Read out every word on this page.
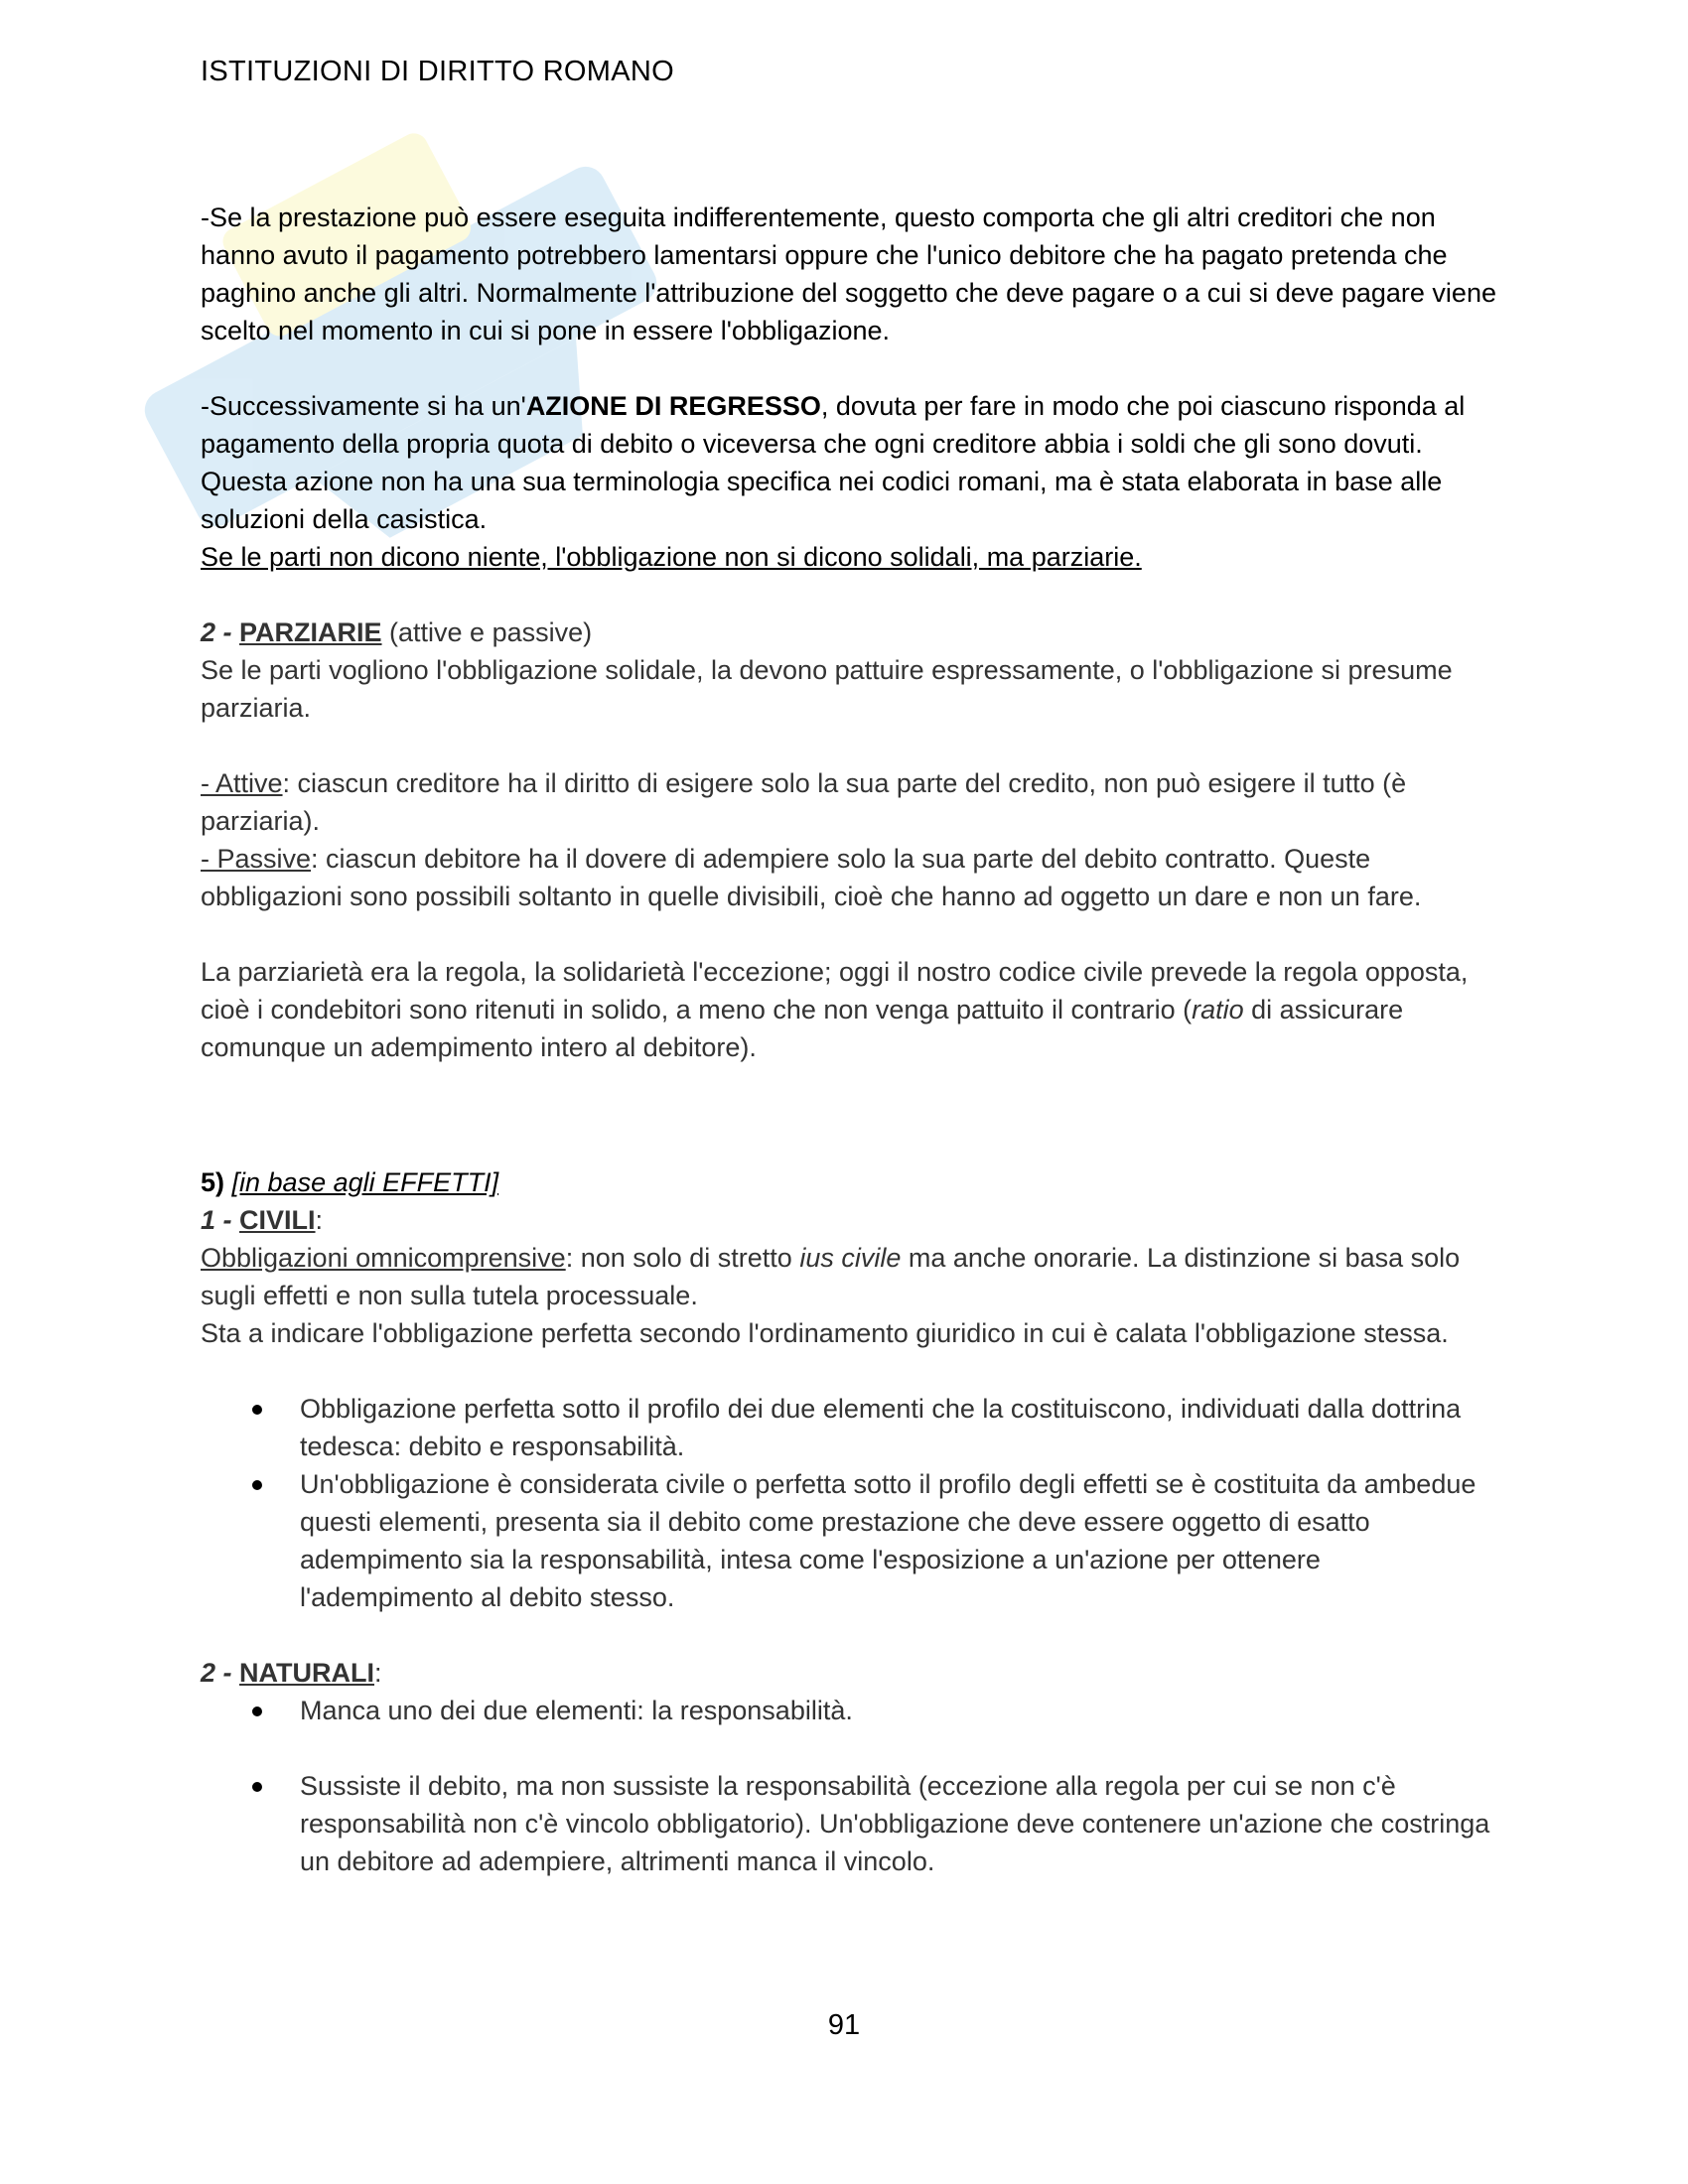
ISTITUZIONI DI DIRITTO ROMANO

-Se la prestazione può essere eseguita indifferentemente, questo comporta che gli altri creditori che non hanno avuto il pagamento potrebbero lamentarsi oppure che l'unico debitore che ha pagato pretenda che paghino anche gli altri. Normalmente l'attribuzione del soggetto che deve pagare o a cui si deve pagare viene scelto nel momento in cui si pone in essere l'obbligazione.

-Successivamente si ha un'AZIONE DI REGRESSO, dovuta per fare in modo che poi ciascuno risponda al pagamento della propria quota di debito o viceversa che ogni creditore abbia i soldi che gli sono dovuti. Questa azione non ha una sua terminologia specifica nei codici romani, ma è stata elaborata in base alle soluzioni della casistica.
Se le parti non dicono niente, l'obbligazione non si dicono solidali, ma parziarie.

2 - PARZIARIE (attive e passive)

Se le parti vogliono l'obbligazione solidale, la devono pattuire espressamente, o l'obbligazione si presume parziaria.

- Attive: ciascun creditore ha il diritto di esigere solo la sua parte del credito, non può esigere il tutto (è parziaria).

- Passive: ciascun debitore ha il dovere di adempiere solo la sua parte del debito contratto. Queste obbligazioni sono possibili soltanto in quelle divisibili, cioè che hanno ad oggetto un dare e non un fare.

La parziarietà era la regola, la solidarietà l'eccezione; oggi il nostro codice civile prevede la regola opposta, cioè i condebitori sono ritenuti in solido, a meno che non venga pattuito il contrario (ratio di assicurare comunque un adempimento intero al debitore).

5) [in base agli EFFETTI]

1 - CIVILI:

Obbligazioni omnicomprensive: non solo di stretto ius civile ma anche onorarie. La distinzione si basa solo sugli effetti e non sulla tutela processuale.
Sta a indicare l'obbligazione perfetta secondo l'ordinamento giuridico in cui è calata l'obbligazione stessa.

Obbligazione perfetta sotto il profilo dei due elementi che la costituiscono, individuati dalla dottrina tedesca: debito e responsabilità.
Un'obbligazione è considerata civile o perfetta sotto il profilo degli effetti se è costituita da ambedue questi elementi, presenta sia il debito come prestazione che deve essere oggetto di esatto adempimento sia la responsabilità, intesa come l'esposizione a un'azione per ottenere l'adempimento al debito stesso.

2 - NATURALI:

Manca uno dei due elementi: la responsabilità.
Sussiste il debito, ma non sussiste la responsabilità (eccezione alla regola per cui se non c'è responsabilità non c'è vincolo obbligatorio). Un'obbligazione deve contenere un'azione che costringa un debitore ad adempiere, altrimenti manca il vincolo.
91
